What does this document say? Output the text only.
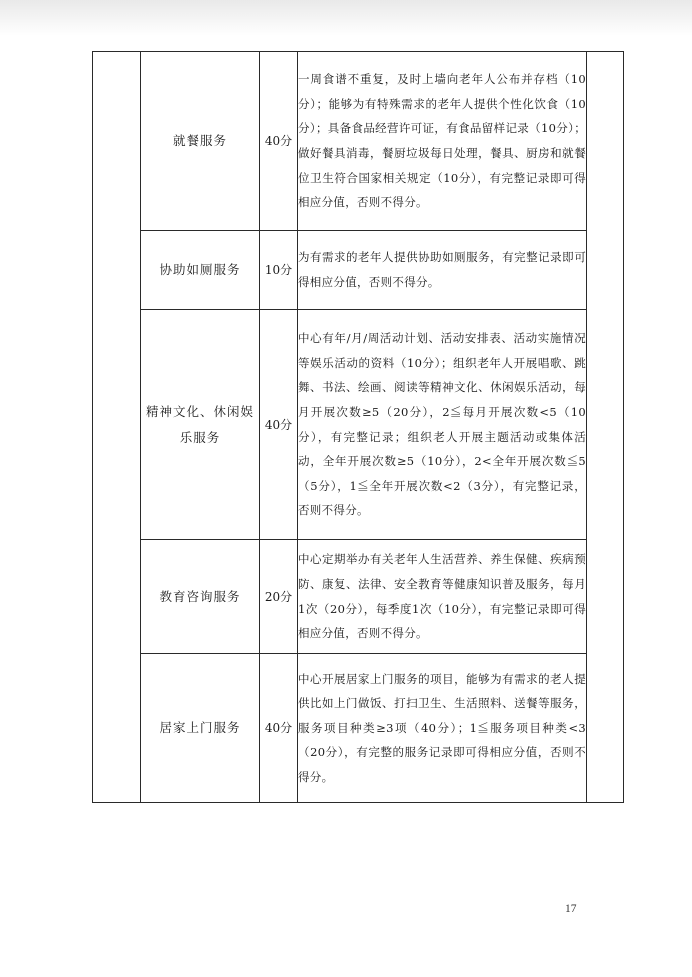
	就餐服务	40分	一周食谱不重复，及时上墙向老年人公布并存档（10分）；能够为有特殊需求的老年人提供个性化饮食（10分）；具备食品经营许可证，有食品留样记录（10分）；做好餐具消毒，餐厨垃圾每日处理，餐具、厨房和就餐位卫生符合国家相关规定（10分），有完整记录即可得相应分值，否则不得分。	
	协助如厕服务	10分	为有需求的老年人提供协助如厕服务，有完整记录即可得相应分值，否则不得分。	
	精神文化、休闲娱乐服务	40分	中心有年/月/周活动计划、活动安排表、活动实施情况等娱乐活动的资料（10分）；组织老年人开展唱歌、跳舞、书法、绘画、阅读等精神文化、休闲娱乐活动，每月开展次数≥5（20分），2≦每月开展次数<5（10分），有完整记录；组织老人开展主题活动或集体活动，全年开展次数≥5（10分），2<全年开展次数≦5（5分），1≦全年开展次数<2（3分），有完整记录，否则不得分。	
	教育咨询服务	20分	中心定期举办有关老年人生活营养、养生保健、疾病预防、康复、法律、安全教育等健康知识普及服务，每月1次（20分），每季度1次（10分），有完整记录即可得相应分值，否则不得分。	
	居家上门服务	40分	中心开展居家上门服务的项目，能够为有需求的老人提供比如上门做饭、打扫卫生、生活照料、送餐等服务，服务项目种类≥3项（40分）；1≦服务项目种类<3（20分），有完整的服务记录即可得相应分值，否则不得分。	
17
